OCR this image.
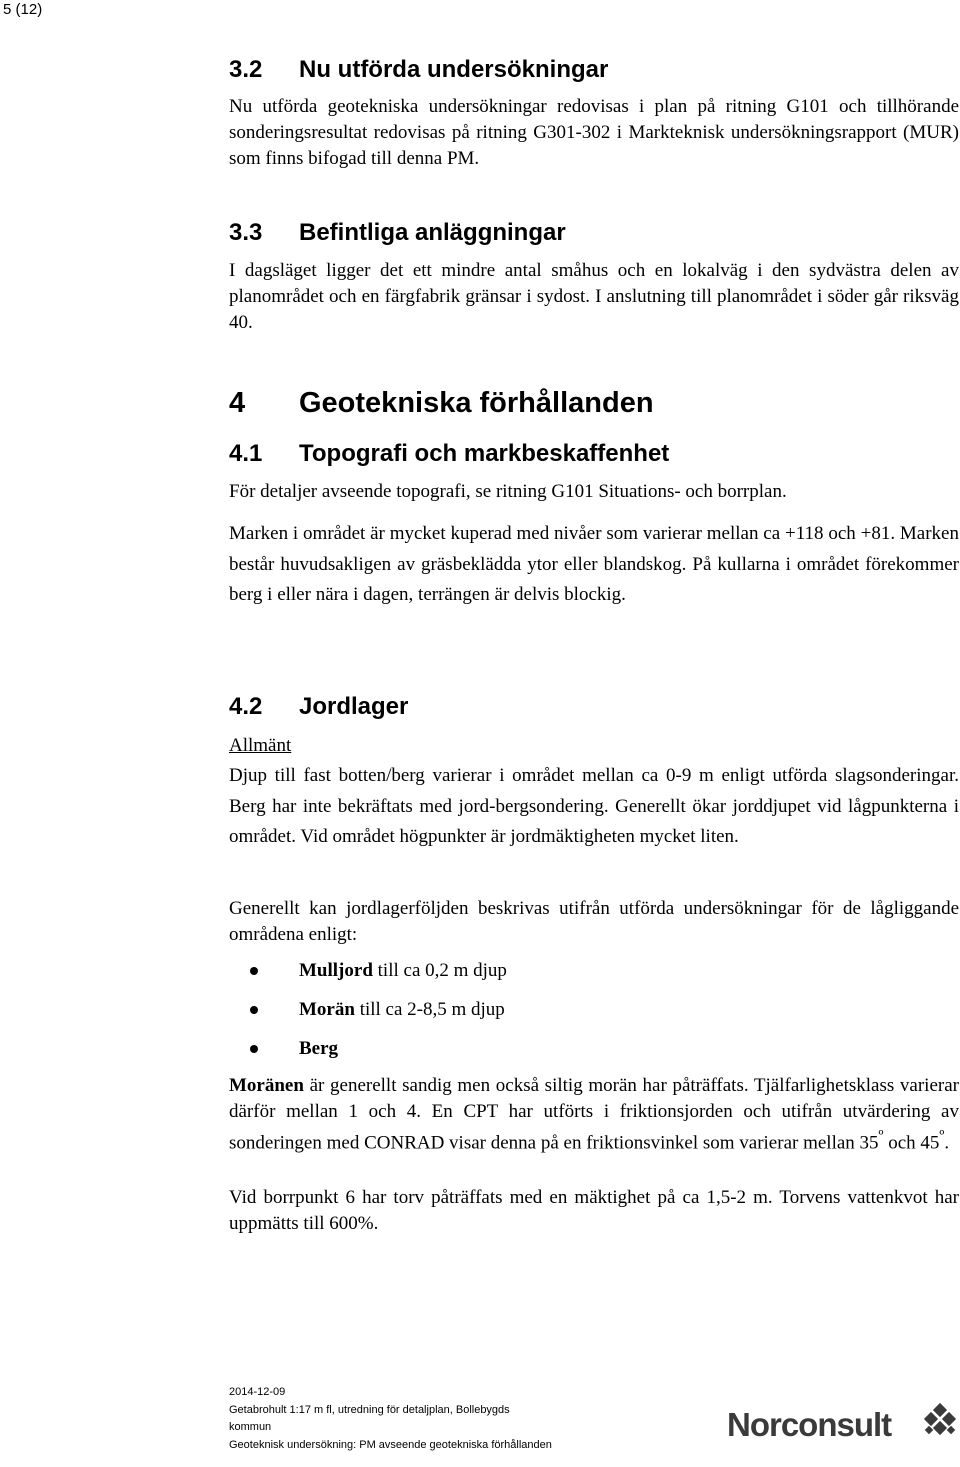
5 (12)
3.2 Nu utförda undersökningar
Nu utförda geotekniska undersökningar redovisas i plan på ritning G101 och tillhörande sonderingsresultat redovisas på ritning G301-302 i Markteknisk undersökningsrapport (MUR) som finns bifogad till denna PM.
3.3 Befintliga anläggningar
I dagsläget ligger det ett mindre antal småhus och en lokalväg i den sydvästra delen av planområdet och en färgfabrik gränsar i sydost. I anslutning till planområdet i söder går riksväg 40.
4 Geotekniska förhållanden
4.1 Topografi och markbeskaffenhet
För detaljer avseende topografi, se ritning G101 Situations- och borrplan.
Marken i området är mycket kuperad med nivåer som varierar mellan ca +118 och +81. Marken består huvudsakligen av gräsbeklädda ytor eller blandskog. På kullarna i området förekommer berg i eller nära i dagen, terrängen är delvis blockig.
4.2 Jordlager
Allmänt
Djup till fast botten/berg varierar i området mellan ca 0-9 m enligt utförda slagsonderingar. Berg har inte bekräftats med jord-bergsondering. Generellt ökar jorddjupet vid lågpunkterna i området. Vid området högpunkter är jordmäktigheten mycket liten.
Generellt kan jordlagerföljden beskrivas utifrån utförda undersökningar för de lågliggande områdena enligt:
Mulljord till ca 0,2 m djup
Morän till ca 2-8,5 m djup
Berg
Moränen är generellt sandig men också siltig morän har påträffats. Tjälfarlighetsklass varierar därför mellan 1 och 4. En CPT har utförts i friktionsjorden och utifrån utvärdering av sonderingen med CONRAD visar denna på en friktionsvinkel som varierar mellan $35^º$ och $45^º$.
Vid borrpunkt 6 har torv påträffats med en mäktighet på ca 1,5-2 m. Torvens vattenkvot har uppmätts till 600%.
2014-12-09
Getabrohult 1:17 m fl, utredning för detaljplan, Bollebygds
kommun
Geoteknisk undersökning: PM avseende geotekniska förhållanden
Norconsult
